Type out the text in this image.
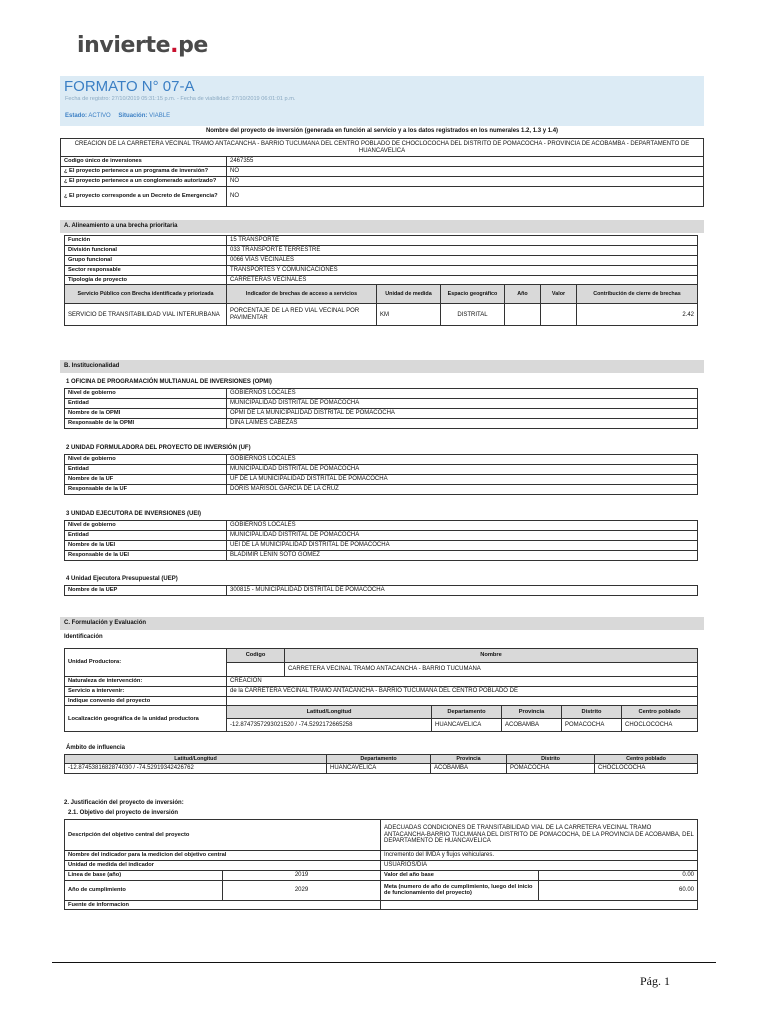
invierte.pe
FORMATO N° 07-A
Fecha de registro: 27/10/2019 05:31:15 p.m. - Fecha de viabilidad: 27/10/2019 06:01:01 p.m.
Estado: ACTIVO Situación: VIABLE
Nombre del proyecto de inversión (generada en función al servicio y a los datos registrados en los numerales 1.2, 1.3 y 1.4)
CREACION DE LA CARRETERA VECINAL TRAMO ANTACANCHA - BARRIO TUCUMANA DEL CENTRO POBLADO DE CHOCLOCOCHA DEL DISTRITO DE POMACOCHA - PROVINCIA DE ACOBAMBA - DEPARTAMENTO DE HUANCAVELICA	
Codigo único de inversiones	2467355
¿ El proyecto pertenece a un programa de inversión?	NO
¿ El proyecto pertenece a un conglomerado autorizado?	NO
¿ El proyecto corresponde a un Decreto de Emergencia?	NO
A. Alineamiento a una brecha prioritaria
Función	15 TRANSPORTE					
División funcional	033 TRANSPORTE TERRESTRE					
Grupo funcional	0066 VÍAS VECINALES					
Sector responsable	TRANSPORTES Y COMUNICACIONES					
Tipología de proyecto	CARRETERAS VECINALES					
Servicio Público con Brecha identificada y priorizada	Indicador de brechas de acceso a servicios	Unidad de medida	Espacio geográfico	Año	Valor	Contribución de cierre de brechas
SERVICIO DE TRANSITABILIDAD VIAL INTERURBANA	PORCENTAJE DE LA RED VIAL VECINAL POR PAVIMENTAR	KM	DISTRITAL			2.42
B. Institucionalidad
1 OFICINA DE PROGRAMACIÓN MULTIANUAL DE INVERSIONES (OPMI)
Nivel de gobierno	GOBIERNOS LOCALES
Entidad	MUNICIPALIDAD DISTRITAL DE POMACOCHA
Nombre de la OPMI	OPMI DE LA MUNICIPALIDAD DISTRITAL DE POMACOCHA
Responsable de la OPMI	DINA LAIMES CABEZAS
2 UNIDAD FORMULADORA DEL PROYECTO DE INVERSIÓN (UF)
Nivel de gobierno	GOBIERNOS LOCALES
Entidad	MUNICIPALIDAD DISTRITAL DE POMACOCHA
Nombre de la UF	UF DE LA MUNICIPALIDAD DISTRITAL DE POMACOCHA
Responsable de la UF	DORIS MARISOL GARCÍA DE LA CRUZ
3 UNIDAD EJECUTORA DE INVERSIONES (UEI)
Nivel de gobierno	GOBIERNOS LOCALES
Entidad	MUNICIPALIDAD DISTRITAL DE POMACOCHA
Nombre de la UEI	UEI DE LA MUNICIPALIDAD DISTRITAL DE POMACOCHA
Responsable de la UEI	BLADIMIR LENIN SOTO GOMEZ
4 Unidad Ejecutora Presupuestal (UEP)
Nombre de la UEP	300815 - MUNICIPALIDAD DISTRITAL DE POMACOCHA
C. Formulación y Evaluación
Identificación
Unidad Productora:	Codigo	Nombre				
		CARRETERA VECINAL TRAMO ANTACANCHA - BARRIO TUCUMANA				
Naturaleza de intervención:	CREACION					
Servicio a intervenir:	de la CARRETERA VECINAL TRAMO ANTACANCHA - BARRIO TUCUMANA DEL CENTRO POBLADO DE					
Indique convenio del proyecto						
Localización geográfica de la unidad productora	Latitud/Longitud		Departamento	Provincia	Distrito	Centro poblado
	-12.8747357293021520 / -74.5292172665258		HUANCAVELICA	ACOBAMBA	POMACOCHA	CHOCLOCOCHA
Ámbito de influencia
Latitud/Longitud	Departamento	Provincia	Distrito	Centro poblado
-12.8745381682874030 / -74.52919342426762	HUANCAVELICA	ACOBAMBA	POMACOCHA	CHOCLOCOCHA
2. Justificación del proyecto de inversión:
2.1. Objetivo del proyecto de inversión
Descripción del objetivo central del proyecto		ADECUADAS CONDICIONES DE TRANSITABILIDAD VIAL DE LA CARRETERA VECINAL TRAMO ANTACANCHA-BARRIO TUCUMANA DEL DISTRITO DE POMACOCHA, DE LA PROVINCIA DE ACOBAMBA, DEL DEPARTAMENTO DE HUANCAVELICA	
Nombre del indicador para la medicion del objetivo central		Incremento del IMDA y flujos vehiculares.	
Unidad de medida del indicador		USUARIOS/DIA	
Linea de base (año)	2019	Valor del año base	0.00
Año de cumplimiento	2029	Meta (numero de año de cumplimiento, luego del inicio de funcionamiento del proyecto)	60.00
Fuente de informacion			
Pág. 1
